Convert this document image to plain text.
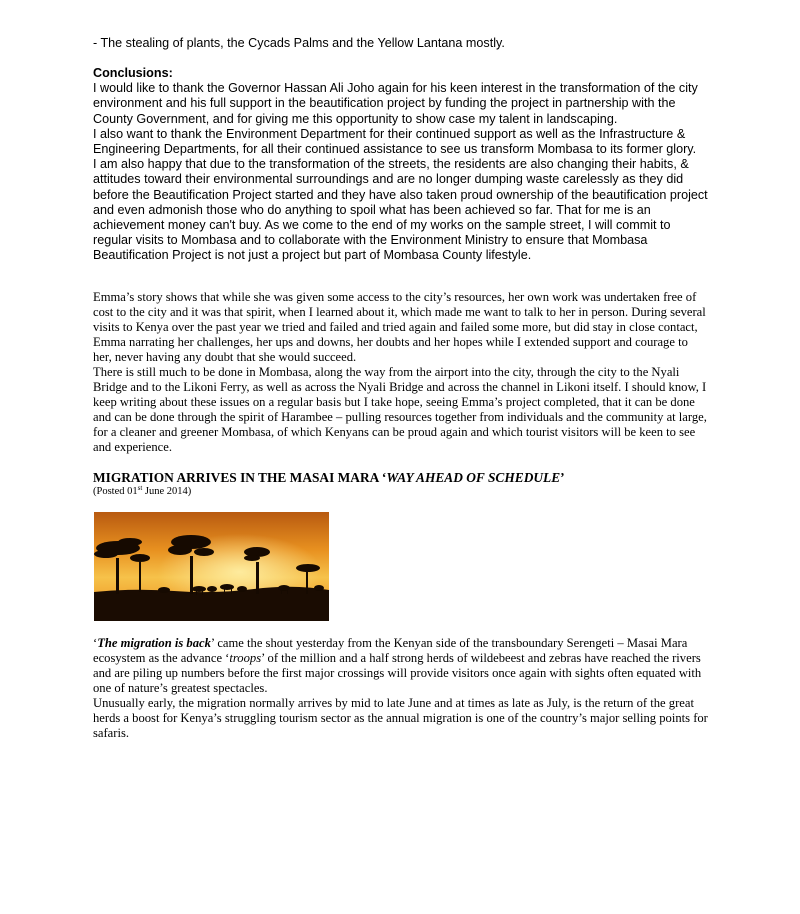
- The stealing of plants, the Cycads Palms and the Yellow Lantana mostly.

Conclusions:

I would like to thank the Governor Hassan Ali Joho again for his keen interest in the transformation of the city environment and his full support in the beautification project by funding the project in partnership with the County Government, and for giving me this opportunity to show case my talent in landscaping.

I also want to thank the Environment Department for their continued support as well as the Infrastructure & Engineering Departments, for all their continued assistance to see us transform Mombasa to its former glory.

I am also happy that due to the transformation of the streets, the residents are also changing their habits, & attitudes toward their environmental surroundings and are no longer dumping waste carelessly as they did before the Beautification Project started and they have also taken proud ownership of the beautification project and even admonish those who do anything to spoil what has been achieved so far. That for me is an achievement money can't buy. As we come to the end of my works on the sample street, I will commit to regular visits to Mombasa and to collaborate with the Environment Ministry to ensure that Mombasa Beautification Project is not just a project but part of Mombasa County lifestyle.

Emma’s story shows that while she was given some access to the city’s resources, her own work was undertaken free of cost to the city and it was that spirit, when I learned about it, which made me want to talk to her in person. During several visits to Kenya over the past year we tried and failed and tried again and failed some more, but did stay in close contact, Emma narrating her challenges, her ups and downs, her doubts and her hopes while I extended support and courage to her, never having any doubt that she would succeed.

There is still much to be done in Mombasa, along the way from the airport into the city, through the city to the Nyali Bridge and to the Likoni Ferry, as well as across the Nyali Bridge and across the channel in Likoni itself. I should know, I keep writing about these issues on a regular basis but I take hope, seeing Emma’s project completed, that it can be done and can be done through the spirit of Harambee – pulling resources together from individuals and the community at large, for a cleaner and greener Mombasa, of which Kenyans can be proud again and which tourist visitors will be keen to see and experience.

MIGRATION ARRIVES IN THE MASAI MARA ‘WAY AHEAD OF SCHEDULE’
(Posted 01st June 2014)

‘The migration is back’ came the shout yesterday from the Kenyan side of the transboundary Serengeti – Masai Mara ecosystem as the advance ‘troops’ of the million and a half strong herds of wildebeest and zebras have reached the rivers and are piling up numbers before the first major crossings will provide visitors once again with sights often equated with one of nature’s greatest spectacles.

Unusually early, the migration normally arrives by mid to late June and at times as late as July, is the return of the great herds a boost for Kenya’s struggling tourism sector as the annual migration is one of the country’s major selling points for safaris.
